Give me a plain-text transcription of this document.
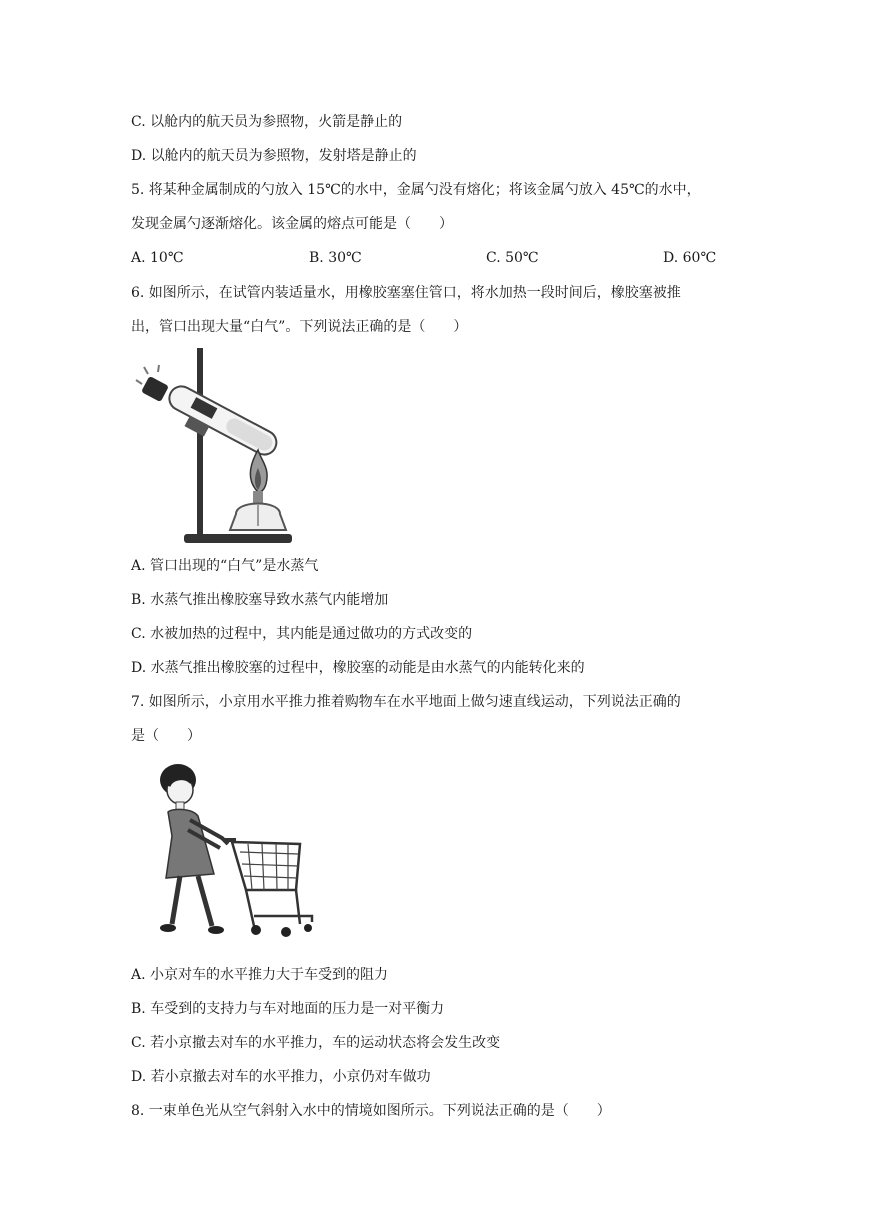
C. 以舱内的航天员为参照物，火箭是静止的
D. 以舱内的航天员为参照物，发射塔是静止的
5. 将某种金属制成的勺放入 15℃的水中，金属勺没有熔化；将该金属勺放入 45℃的水中，
发现金属勺逐渐熔化。该金属的熔点可能是（　　）
A. 10℃	B. 30℃	C. 50℃	D. 60℃
6. 如图所示，在试管内装适量水，用橡胶塞塞住管口，将水加热一段时间后，橡胶塞被推
出，管口出现大量“白气”。下列说法正确的是（　　）
A. 管口出现的“白气”是水蒸气
B. 水蒸气推出橡胶塞导致水蒸气内能增加
C. 水被加热的过程中，其内能是通过做功的方式改变的
D. 水蒸气推出橡胶塞的过程中，橡胶塞的动能是由水蒸气的内能转化来的
7. 如图所示，小京用水平推力推着购物车在水平地面上做匀速直线运动，下列说法正确的
是（　　）
A. 小京对车的水平推力大于车受到的阻力
B. 车受到的支持力与车对地面的压力是一对平衡力
C. 若小京撤去对车的水平推力，车的运动状态将会发生改变
D. 若小京撤去对车的水平推力，小京仍对车做功
8. 一束单色光从空气斜射入水中的情境如图所示。下列说法正确的是（　　）
